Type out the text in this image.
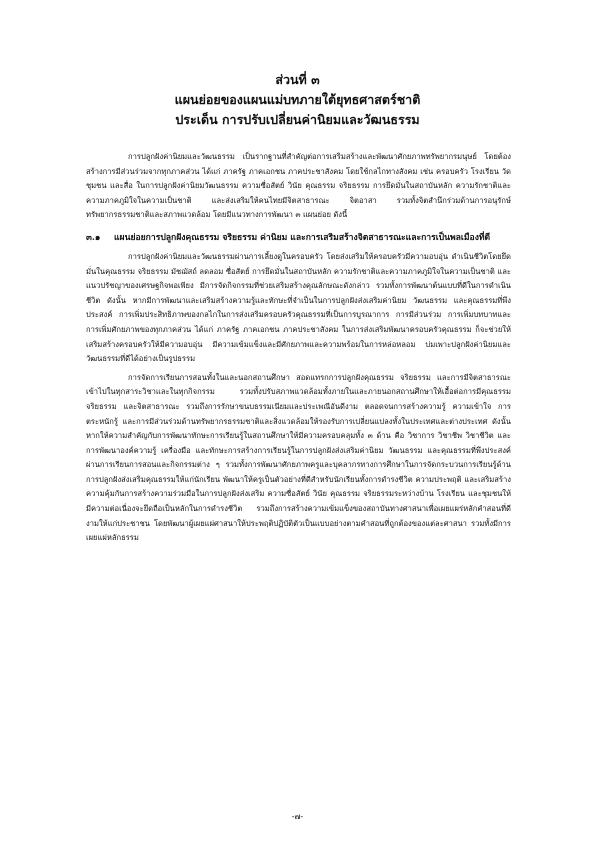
ส่วนที่ ๓
แผนย่อยของแผนแม่บทภายใต้ยุทธศาสตร์ชาติ
ประเด็น การปรับเปลี่ยนค่านิยมและวัฒนธรรม

การปลูกฝังค่านิยมและวัฒนธรรม เป็นรากฐานที่สำคัญต่อการเสริมสร้างและพัฒนาศักยภาพทรัพยากรมนุษย์ โดยต้องสร้างการมีส่วนร่วมจากทุกภาคส่วน ได้แก่ ภาครัฐ ภาคเอกชน ภาคประชาสังคม โดยใช้กลไกทางสังคม เช่น ครอบครัว โรงเรียน วัด ชุมชน และสื่อ ในการปลูกฝังค่านิยมวัฒนธรรม ความซื่อสัตย์ วินัย คุณธรรม จริยธรรม การยึดมั่นในสถาบันหลัก ความรักชาติและความภาคภูมิใจในความเป็นชาติ และส่งเสริมให้คนไทยมีจิตสาธารณะ จิตอาสา รวมทั้งจิตสำนึกร่วมด้านการอนุรักษ์ทรัพยากรธรรมชาติและสภาพแวดล้อม โดยมีแนวทางการพัฒนา ๓ แผนย่อย ดังนี้

๓.๑ แผนย่อยการปลูกฝังคุณธรรม จริยธรรม ค่านิยม และการเสริมสร้างจิตสาธารณะและการเป็นพลเมืองที่ดี

การปลูกฝังค่านิยมและวัฒนธรรมผ่านการเลี้ยงดูในครอบครัว โดยส่งเสริมให้ครอบครัวมีความอบอุ่น ดำเนินชีวิตโดยยึดมั่นในคุณธรรม จริยธรรม มัชฌัสถ์ ลดลอม ซื่อสัตย์ การยึดมั่นในสถาบันหลัก ความรักชาติและความภาคภูมิใจในความเป็นชาติ และแนวปรัชญาของเศรษฐกิจพอเพียง มีการจัดกิจกรรมที่ช่วยเสริมสร้างคุณลักษณะดังกล่าว รวมทั้งการพัฒนาต้นแบบที่ดีในการดำเนินชีวิต ดังนั้น หากมีการพัฒนาและเสริมสร้างความรู้และทักษะที่จำเป็นในการปลูกฝังส่งเสริมค่านิยม วัฒนธรรม และคุณธรรมที่พึงประสงค์ การเพิ่มประสิทธิภาพของกลไกในการส่งเสริมครอบครัวคุณธรรมที่เป็นการบูรณาการ การมีส่วนร่วม การเพิ่มบทบาทและการเพิ่มศักยภาพของทุกภาคส่วน ได้แก่ ภาครัฐ ภาคเอกชน ภาคประชาสังคม ในการส่งเสริมพัฒนาครอบครัวคุณธรรม ก็จะช่วยให้เสริมสร้างครอบครัวให้มีความอบอุ่น มีความเข้มแข็งและมีศักยภาพและความพร้อมในการหล่อหลอม บ่มเพาะปลูกฝังค่านิยมและวัฒนธรรมที่ดีได้อย่างเป็นรูปธรรม

การจัดการเรียนการสอนทั้งในและนอกสถานศึกษา สอดแทรกการปลูกฝังคุณธรรม จริยธรรม และการมีจิตสาธารณะเข้าไปในทุกสาระวิชาและในทุกกิจกรรม รวมทั้งปรับสภาพแวดล้อมทั้งภายในและภายนอกสถานศึกษาให้เอื้อต่อการมีคุณธรรม จริยธรรม และจิตสาธารณะ รวมถึงการรักษาขนบธรรมเนียมและประเพณีอันดีงาม ตลอดจนการสร้างความรู้ ความเข้าใจ การตระหนักรู้ และการมีส่วนร่วมด้านทรัพยากรธรรมชาติและสิ่งแวดล้อมให้รองรับการเปลี่ยนแปลงทั้งในประเทศและต่างประเทศ ดังนั้น หากให้ความสำคัญกับการพัฒนาทักษะการเรียนรู้ในสถานศึกษาให้มีความครอบคลุมทั้ง ๓ ด้าน คือ วิชาการ วิชาชีพ วิชาชีวิต และการพัฒนาองค์ความรู้ เครื่องมือ และทักษะการสร้างการเรียนรู้ในการปลูกฝังส่งเสริมค่านิยม วัฒนธรรม และคุณธรรมที่พึงประสงค์ผ่านการเรียนการสอนและกิจกรรมต่าง ๆ รวมทั้งการพัฒนาศักยภาพครูและบุคลากรทางการศึกษาในการจัดกระบวนการเรียนรู้ด้านการปลูกฝังส่งเสริมคุณธรรมให้แก่นักเรียน พัฒนาให้ครูเป็นตัวอย่างที่ดีสำหรับนักเรียนทั้งการดำรงชีวิต ความประพฤติ และเสริมสร้างความคุ้มกันการสร้างความร่วมมือในการปลูกฝังส่งเสริม ความซื่อสัตย์ วินัย คุณธรรม จริยธรรมระหว่างบ้าน โรงเรียน และชุมชนให้มีความต่อเนื่องจะยึดถือเป็นหลักในการดำรงชีวิต รวมถึงการสร้างความเข้มแข็งของสถาบันทางศาสนาเพื่อเผยแผร่หลักคำสอนที่ดีงามให้แก่ประชาชน โดยพัฒนาผู้เผยแผ่ศาสนาให้ประพฤติปฏิบัติตัวเป็นแบบอย่างตามคำสอนที่ถูกต้องของแต่ละศาสนา รวมทั้งมีการเผยแผ่หลักธรรม

-๗-
